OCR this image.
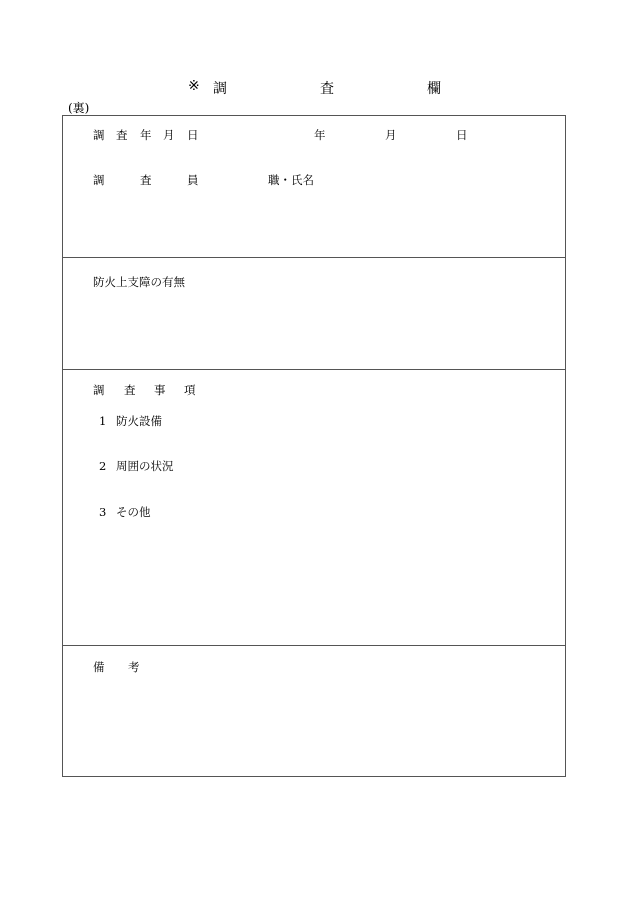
※ 調	査	欄
(裏)
調 査 年 月 日	年	月	日
調	査	員	職・氏名
防火上支障の有無
調 査 事 項
1 防火設備
2 周囲の状況
3 その他
備 考
